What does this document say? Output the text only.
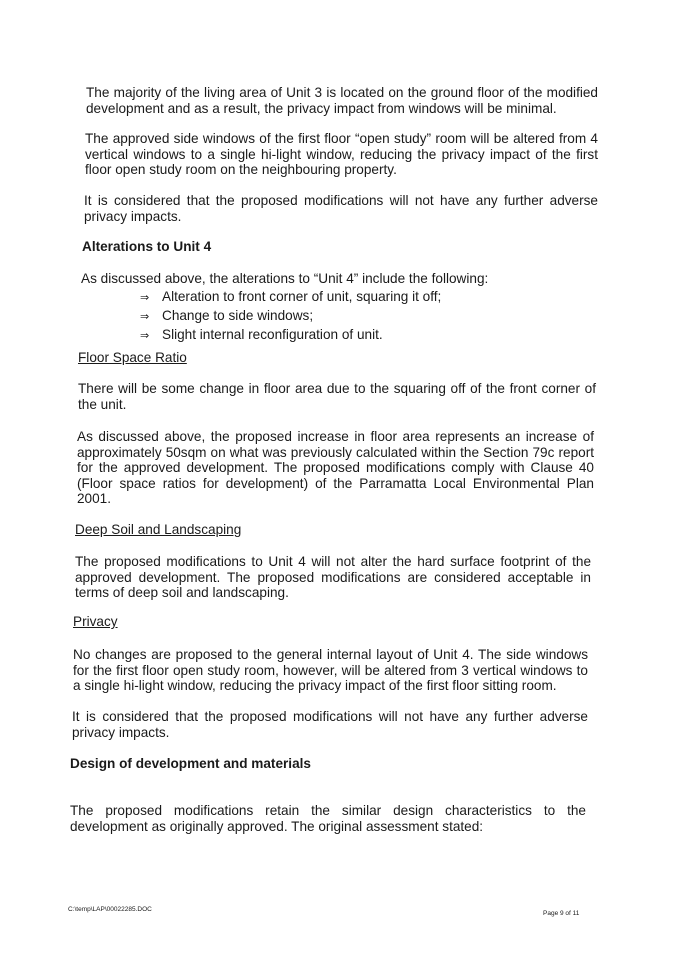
The majority of the living area of Unit 3 is located on the ground floor of the modified development and as a result, the privacy impact from windows will be minimal.

The approved side windows of the first floor “open study” room will be altered from 4 vertical windows to a single hi-light window, reducing the privacy impact of the first floor open study room on the neighbouring property.

It is considered that the proposed modifications will not have any further adverse privacy impacts.

Alterations to Unit 4

As discussed above, the alterations to “Unit 4” include the following:

⇒ Alteration to front corner of unit, squaring it off;
⇒ Change to side windows;
⇒ Slight internal reconfiguration of unit.

Floor Space Ratio

There will be some change in floor area due to the squaring off of the front corner of the unit.

As discussed above, the proposed increase in floor area represents an increase of approximately 50sqm on what was previously calculated within the Section 79c report for the approved development. The proposed modifications comply with Clause 40 (Floor space ratios for development) of the Parramatta Local Environmental Plan 2001.

Deep Soil and Landscaping

The proposed modifications to Unit 4 will not alter the hard surface footprint of the approved development. The proposed modifications are considered acceptable in terms of deep soil and landscaping.

Privacy

No changes are proposed to the general internal layout of Unit 4. The side windows for the first floor open study room, however, will be altered from 3 vertical windows to a single hi-light window, reducing the privacy impact of the first floor sitting room.

It is considered that the proposed modifications will not have any further adverse privacy impacts.

Design of development and materials

The proposed modifications retain the similar design characteristics to the development as originally approved. The original assessment stated:

C:\temp\LAP\00022285.DOC
Page 9 of 11
